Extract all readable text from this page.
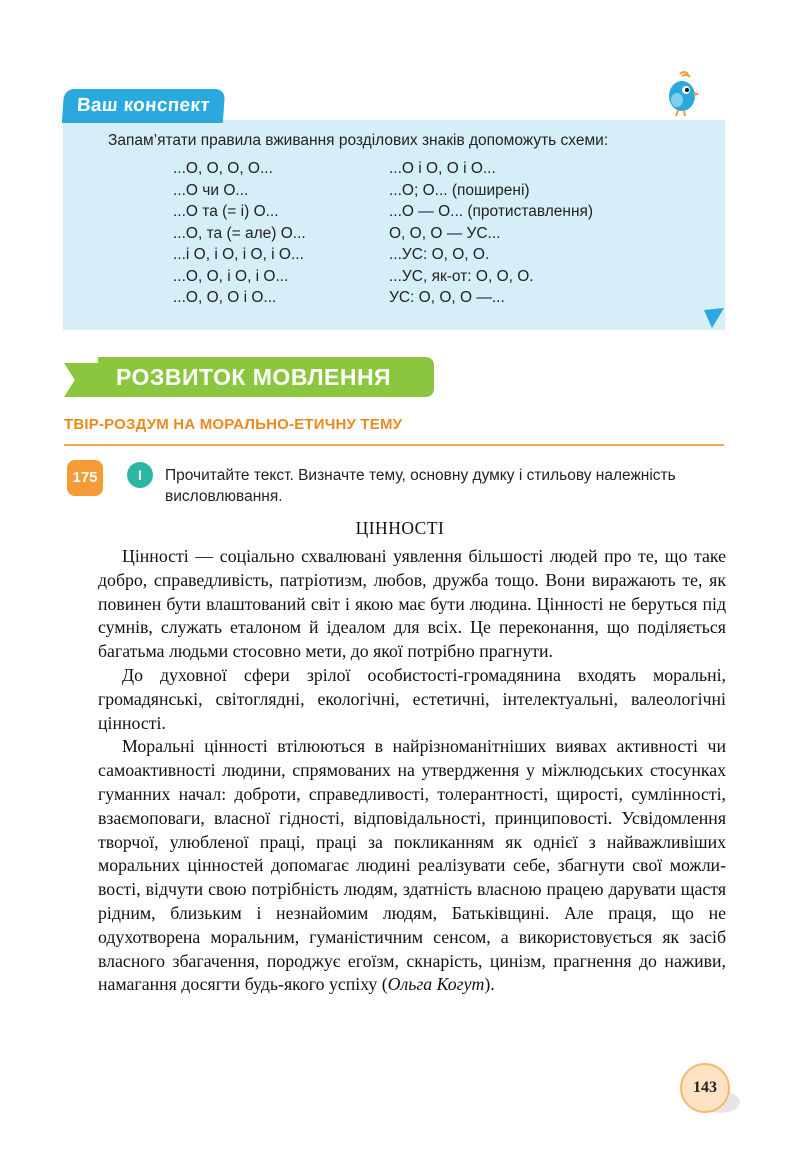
Ваш конспект
Запам’ятати правила вживання розділових знаків допоможуть схеми:
...О, О, О, О...
...О чи О...
...О та (= і) О...
...О, та (= але) О...
...і О, і О, і О, і О...
...О, О, і О, і О...
...О, О, О і О...
...О і О, О і О...
...О; О... (поширені)
...О — О... (протиставлення)
О, О, О — УС...
...УС: О, О, О.
...УС, як-от: О, О, О.
УС: О, О, О —...
РОЗВИТОК МОВЛЕННЯ
ТВІР-РОЗДУМ НА МОРАЛЬНО-ЕТИЧНУ ТЕМУ
175	I	Прочитайте текст. Визначте тему, основну думку і стильову належність висловлювання.
ЦІННОСТІ

Цінності — соціально схвалювані уявлення більшості людей про те, що таке добро, справедливість, патріотизм, любов, дружба тощо. Вони виражають те, як повинен бути влаштований світ і якою має бути людина. Цінності не беруться під сумнів, служать еталоном й ідеалом для всіх. Це переконання, що поділяється багатьма людьми стосовно мети, до якої потрібно прагнути.

До духовної сфери зрілої особистості-громадянина входять моральні, громадянські, світоглядні, екологічні, естетичні, інтелектуальні, валеологічні цінності.

Моральні цінності втілюються в найрізноманітніших виявах активності чи самоактивності людини, спрямованих на утвердження у міжлюдських стосунках гуманних начал: доброти, справедливості, толерантності, щирості, сумлінності, взаємоповаги, власної гідності, відповідальності, принциповості. Усвідомлення творчої, улюбленої праці, праці за покликанням як однієї з найважливіших моральних цінностей допомагає людині реалізувати себе, збагнути свої можливості, відчути свою потрібність людям, здатність власною працею дарувати щастя рідним, близьким і незнайомим людям, Батьківщині. Але праця, що не одухотворена моральним, гуманістичним сенсом, а використовується як засіб власного збагачення, породжує егоїзм, скнарість, цинізм, прагнення до наживи, намагання досягти будь-якого успіху (Ольга Когут).

143
